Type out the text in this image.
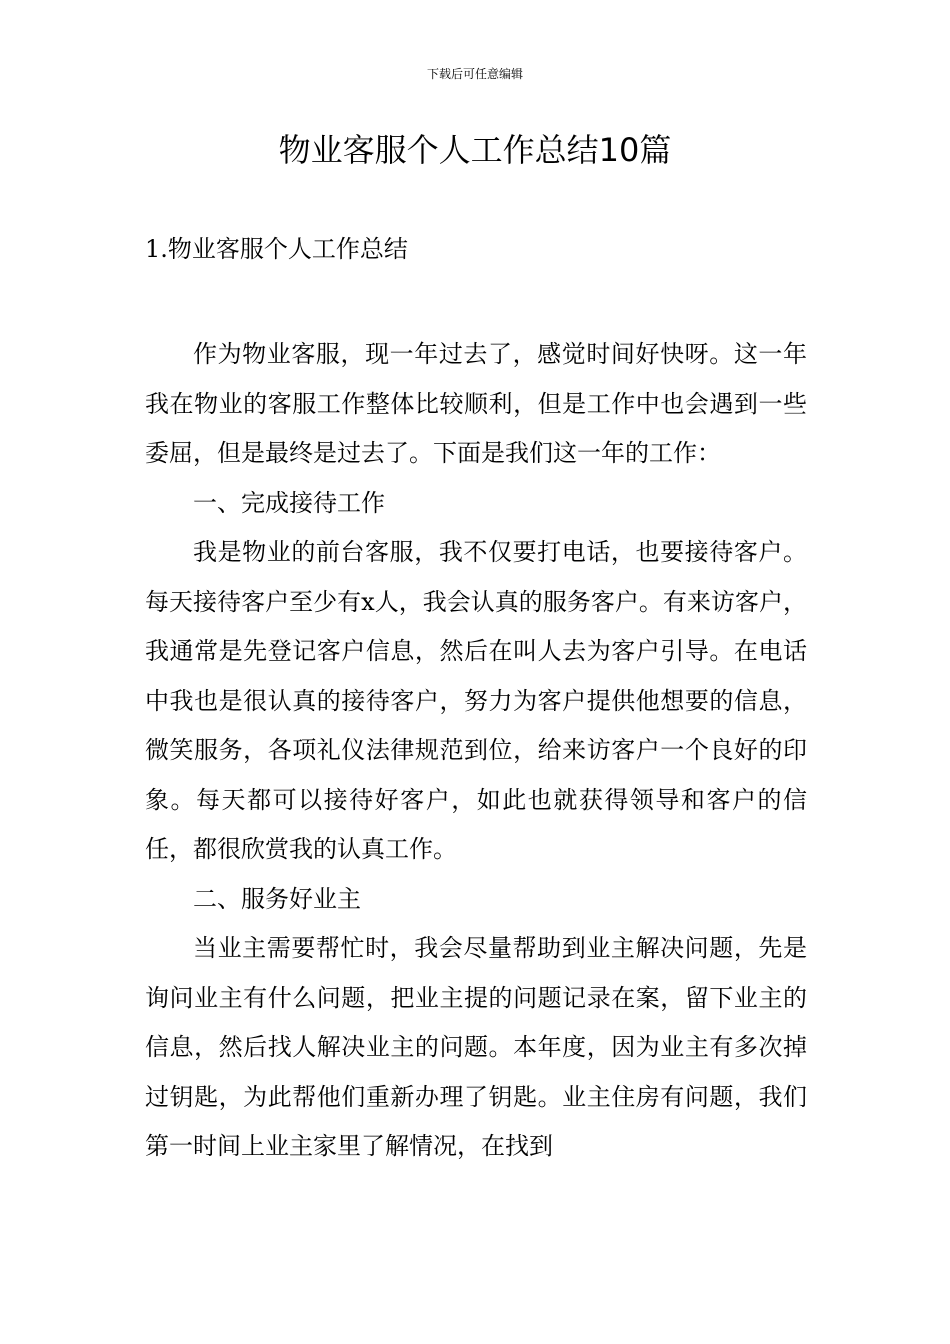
下载后可任意编辑
物业客服个人工作总结10篇
1.物业客服个人工作总结

作为物业客服，现一年过去了，感觉时间好快呀。这一年我在物业的客服工作整体比较顺利，但是工作中也会遇到一些委屈，但是最终是过去了。下面是我们这一年的工作：

一、完成接待工作

我是物业的前台客服，我不仅要打电话，也要接待客户。每天接待客户至少有x人，我会认真的服务客户。有来访客户，我通常是先登记客户信息，然后在叫人去为客户引导。在电话中我也是很认真的接待客户，努力为客户提供他想要的信息，微笑服务，各项礼仪法律规范到位，给来访客户一个良好的印象。每天都可以接待好客户，如此也就获得领导和客户的信任，都很欣赏我的认真工作。

二、服务好业主

当业主需要帮忙时，我会尽量帮助到业主解决问题，先是询问业主有什么问题，把业主提的问题记录在案，留下业主的信息，然后找人解决业主的问题。本年度，因为业主有多次掉过钥匙，为此帮他们重新办理了钥匙。业主住房有问题，我们第一时间上业主家里了解情况，在找到
